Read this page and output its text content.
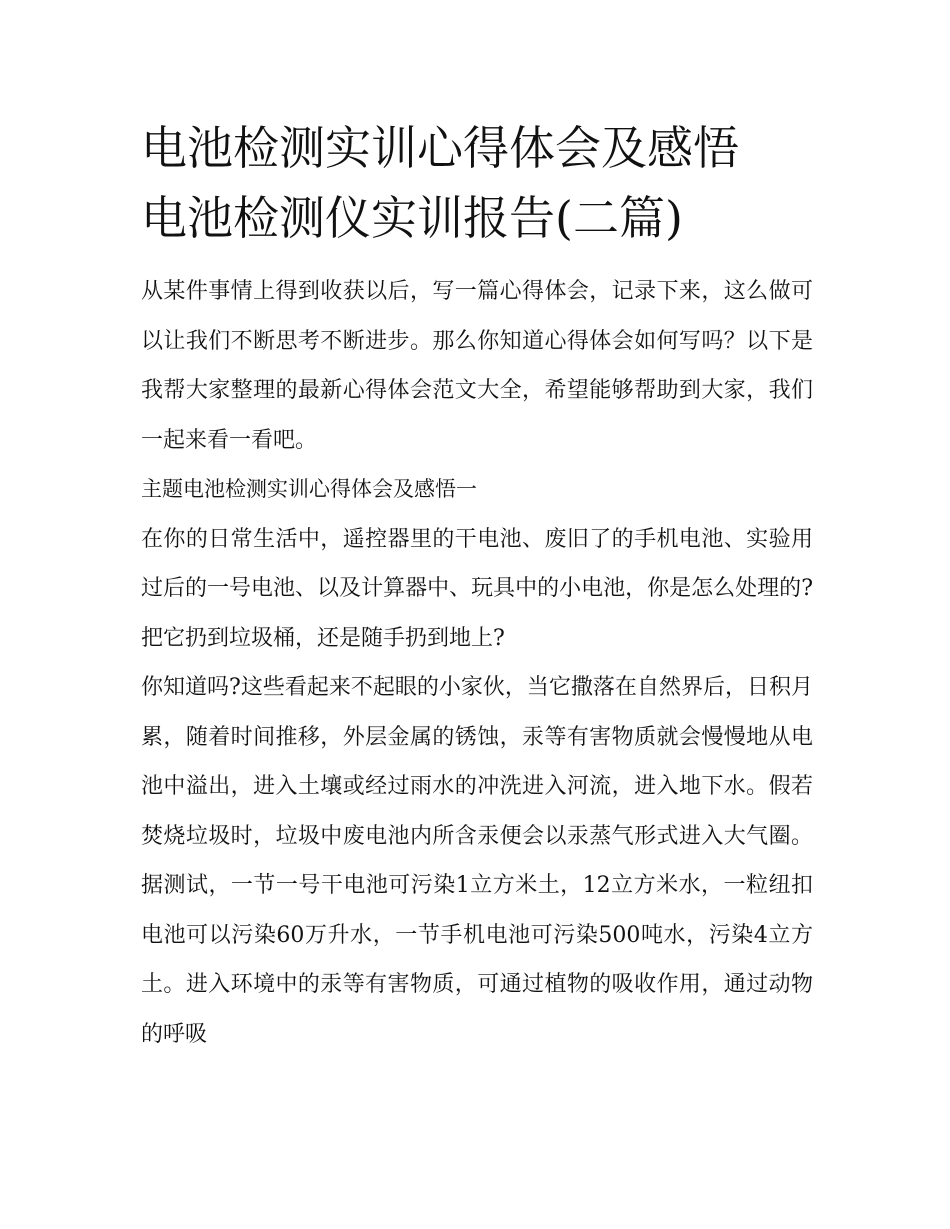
电池检测实训心得体会及感悟
电池检测仪实训报告(二篇)

从某件事情上得到收获以后，写一篇心得体会，记录下来，这么做可以让我们不断思考不断进步。那么你知道心得体会如何写吗？以下是我帮大家整理的最新心得体会范文大全，希望能够帮助到大家，我们一起来看一看吧。

主题电池检测实训心得体会及感悟一

在你的日常生活中，遥控器里的干电池、废旧了的手机电池、实验用过后的一号电池、以及计算器中、玩具中的小电池，你是怎么处理的?把它扔到垃圾桶，还是随手扔到地上?

你知道吗?这些看起来不起眼的小家伙，当它撒落在自然界后，日积月累，随着时间推移，外层金属的锈蚀，汞等有害物质就会慢慢地从电池中溢出，进入土壤或经过雨水的冲洗进入河流，进入地下水。假若焚烧垃圾时，垃圾中废电池内所含汞便会以汞蒸气形式进入大气圈。据测试，一节一号干电池可污染1立方米土，12立方米水，一粒纽扣电池可以污染60万升水，一节手机电池可污染500吨水，污染4立方土。进入环境中的汞等有害物质，可通过植物的吸收作用，通过动物的呼吸
